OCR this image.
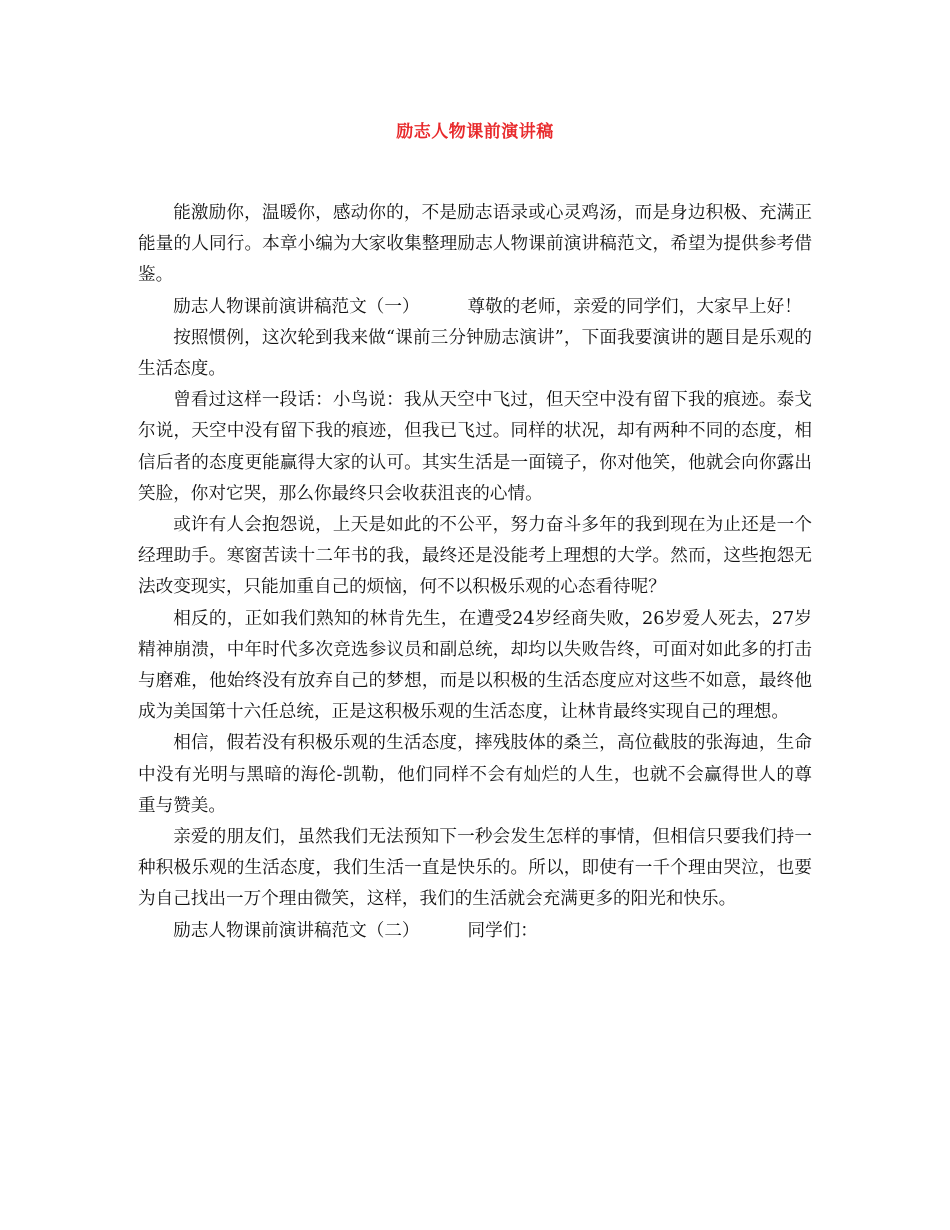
励志人物课前演讲稿

能激励你，温暖你，感动你的，不是励志语录或心灵鸡汤，而是身边积极、充满正能量的人同行。本章小编为大家收集整理励志人物课前演讲稿范文，希望为提供参考借鉴。

励志人物课前演讲稿范文（一）	尊敬的老师，亲爱的同学们，大家早上好！

按照惯例，这次轮到我来做“课前三分钟励志演讲”，下面我要演讲的题目是乐观的生活态度。

曾看过这样一段话：小鸟说：我从天空中飞过，但天空中没有留下我的痕迹。泰戈尔说，天空中没有留下我的痕迹，但我已飞过。同样的状况，却有两种不同的态度，相信后者的态度更能赢得大家的认可。其实生活是一面镜子，你对他笑，他就会向你露出笑脸，你对它哭，那么你最终只会收获沮丧的心情。

或许有人会抱怨说，上天是如此的不公平，努力奋斗多年的我到现在为止还是一个经理助手。寒窗苦读十二年书的我，最终还是没能考上理想的大学。然而，这些抱怨无法改变现实，只能加重自己的烦恼，何不以积极乐观的心态看待呢？

相反的，正如我们熟知的林肯先生，在遭受24岁经商失败，26岁爱人死去，27岁精神崩溃，中年时代多次竞选参议员和副总统，却均以失败告终，可面对如此多的打击与磨难，他始终没有放弃自己的梦想，而是以积极的生活态度应对这些不如意，最终他成为美国第十六任总统，正是这积极乐观的生活态度，让林肯最终实现自己的理想。

相信，假若没有积极乐观的生活态度，摔残肢体的桑兰，高位截肢的张海迪，生命中没有光明与黑暗的海伦-凯勒，他们同样不会有灿烂的人生，也就不会赢得世人的尊重与赞美。

亲爱的朋友们，虽然我们无法预知下一秒会发生怎样的事情，但相信只要我们持一种积极乐观的生活态度，我们生活一直是快乐的。所以，即使有一千个理由哭泣，也要为自己找出一万个理由微笑，这样，我们的生活就会充满更多的阳光和快乐。

励志人物课前演讲稿范文（二）	同学们：
